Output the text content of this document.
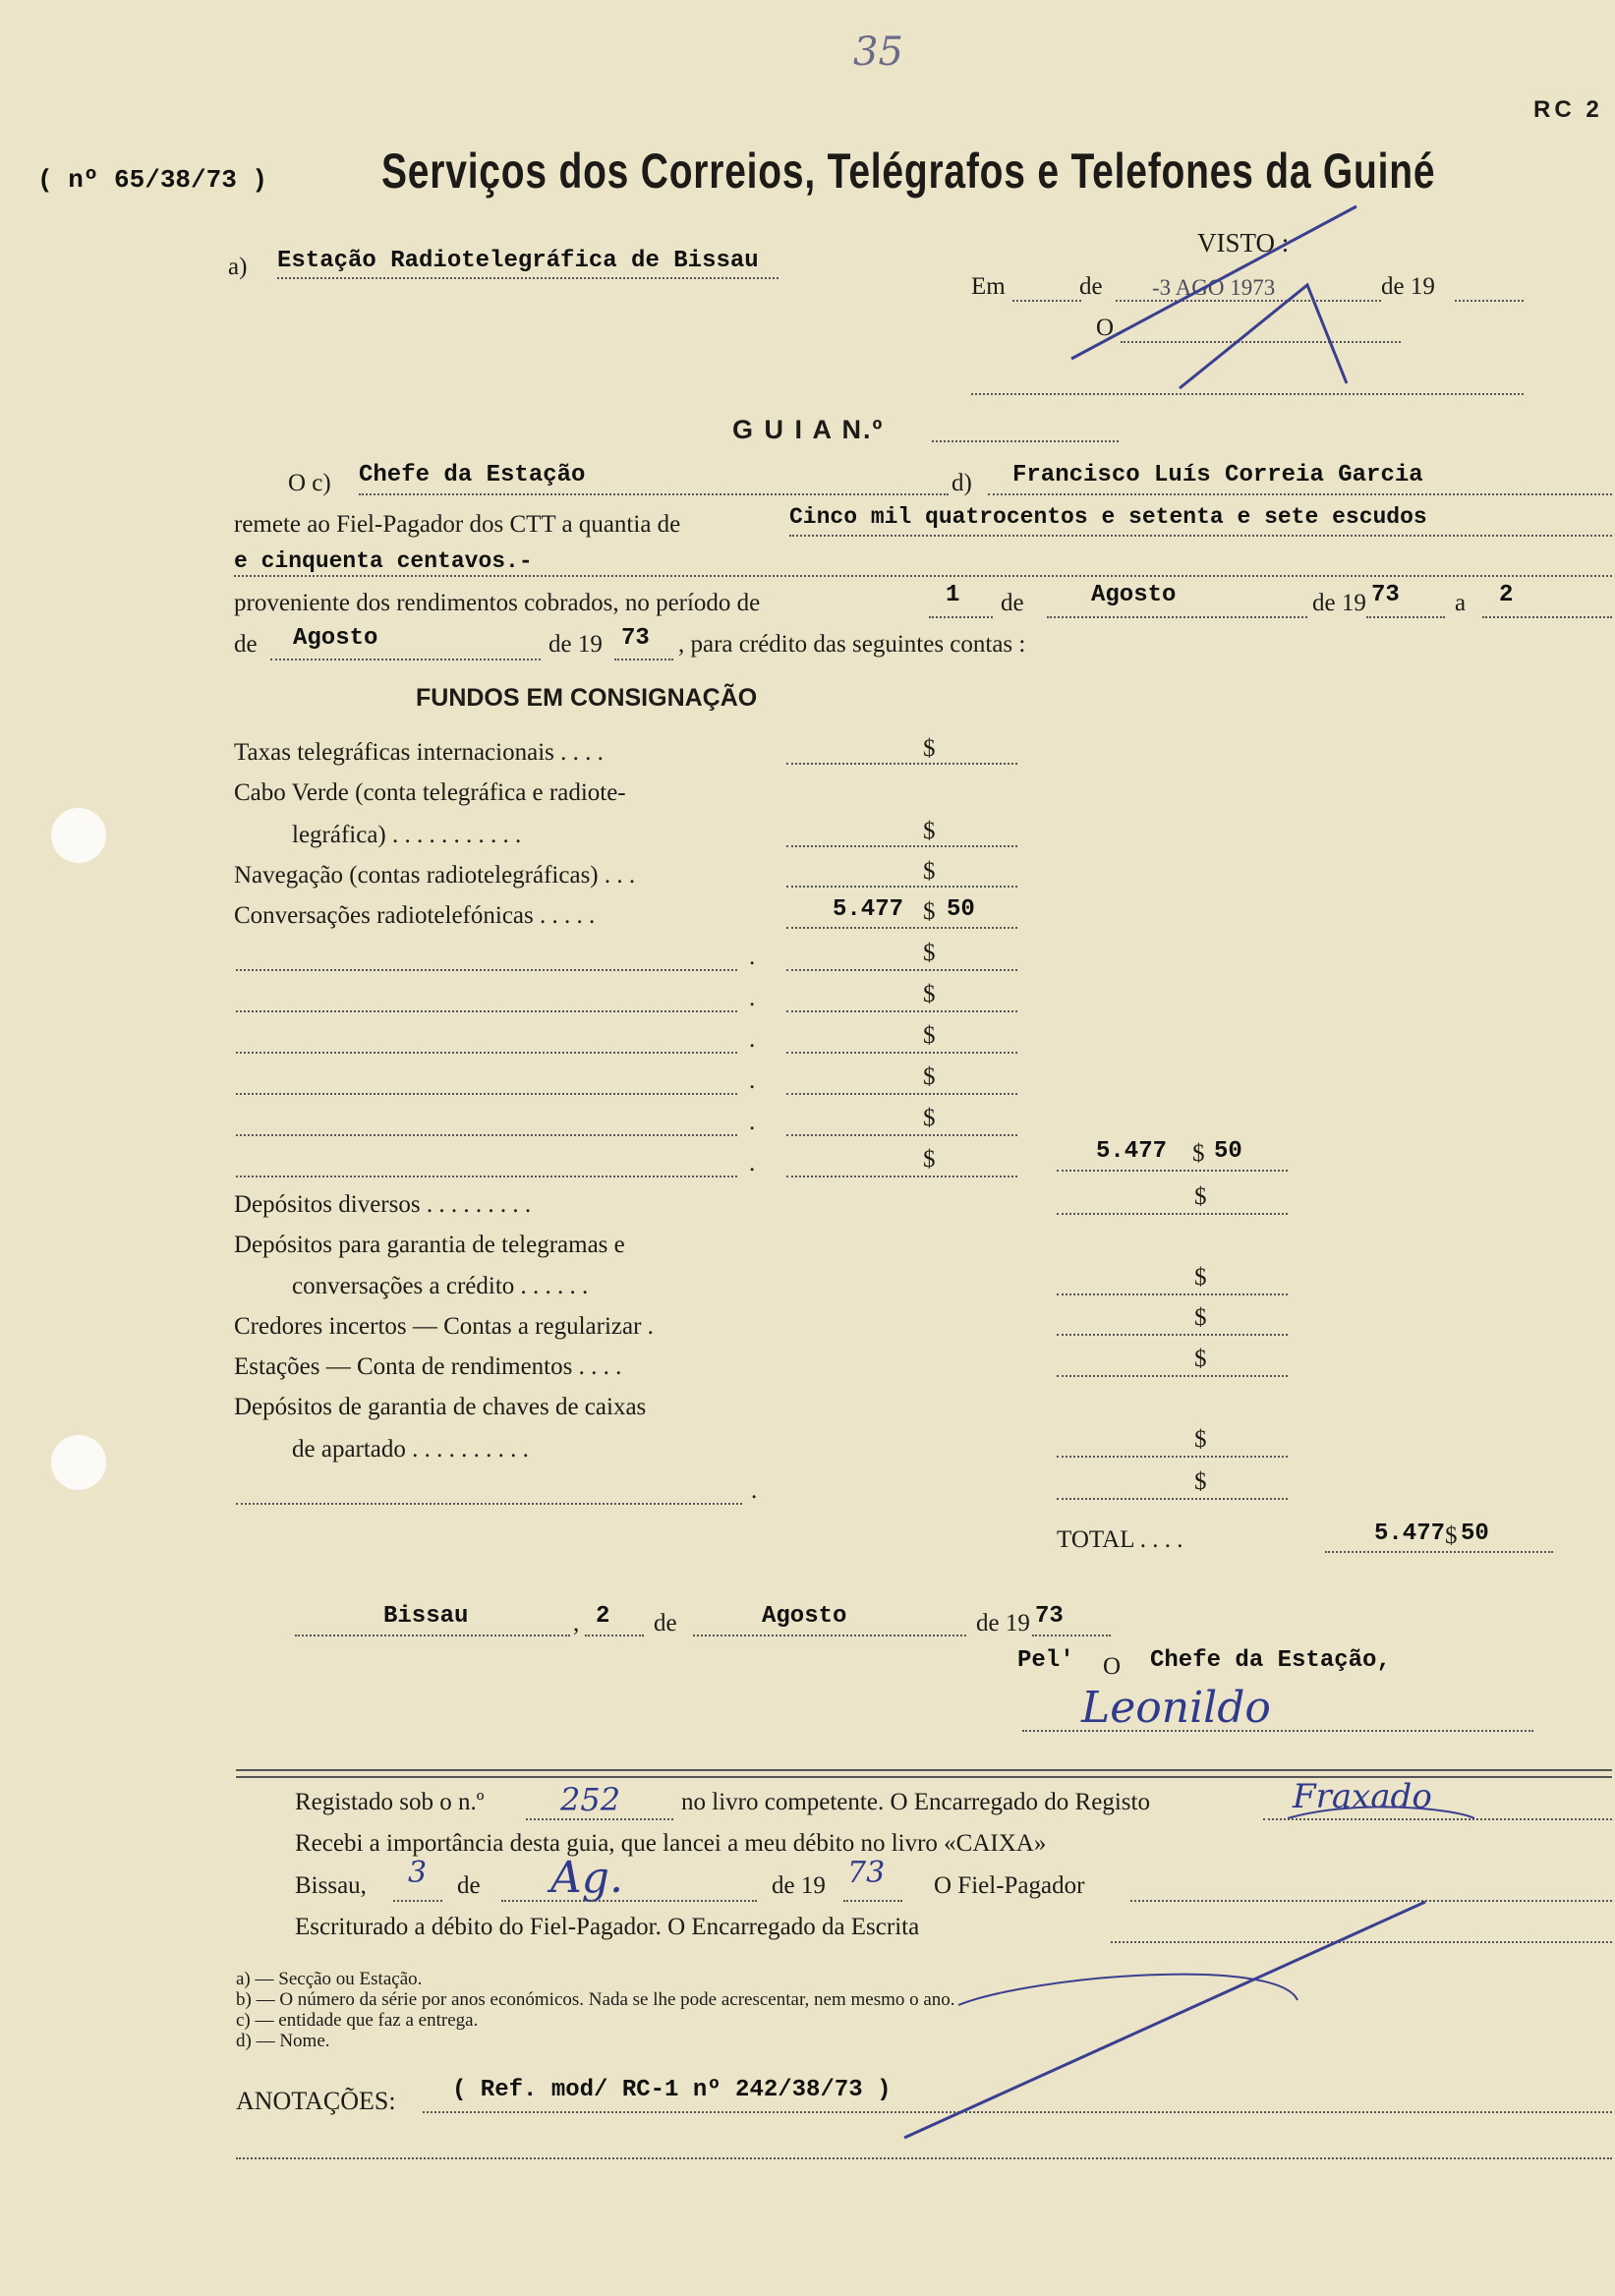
35
RC 2
( nº 65/38/73 ) Serviços dos Correios, Telégrafos e Telefones da Guiné
a) Estação Radiotelegráfica de Bissau
VISTO :
Em	de -3 AGO 1973	de 19
O
G U I A N.º
O c) Chefe da Estação	d) Francisco Luís Correia Garcia
remete ao Fiel-Pagador dos CTT a quantia de	Cinco mil quatrocentos e setenta e sete escudos
e cinquenta centavos.-
proveniente dos rendimentos cobrados, no período de	1 de	Agosto	de 19 73 a 2
de Agosto	de 19 73 , para crédito das seguintes contas :
FUNDOS EM CONSIGNAÇÃO
Taxas telegráficas internacionais . . . .	$
Cabo Verde (conta telegráfica e radiote-
legráfica) . . . . . . . . . . .	$
Navegação (contas radiotelegráficas) . . .	$
Conversações radiotelefónicas . . . . .	5.477 $ 50
.	$
.	$
.	$
.	$
.	$
.	$	5.477 $ 50
Depósitos diversos . . . . . . . . .	$
Depósitos para garantia de telegramas e
conversações a crédito . . . . . .	$
Credores incertos — Contas a regularizar .	$
Estações — Conta de rendimentos . . . .	$
Depósitos de garantia de chaves de caixas
de apartado . . . . . . . . . .	$
.	$
TOTAL . . . .	5.477 $ 50
Bissau	, 2 de	Agosto	de 19 73
Pel' O Chefe da Estação,
Leonildo
Registado sob o n.º 252 no livro competente. O Encarregado do Registo	Fraxado
Recebi a importância desta guia, que lancei a meu débito no livro «CAIXA»
Bissau, 3 de Ag.	de 19 73 O Fiel-Pagador
Escriturado a débito do Fiel-Pagador. O Encarregado da Escrita
a) — Secção ou Estação.
b) — O número da série por anos económicos. Nada se lhe pode acrescentar, nem mesmo o ano.
c) — entidade que faz a entrega.
d) — Nome.
ANOTAÇÕES: ( Ref. mod/ RC-1 nº 242/38/73 )
